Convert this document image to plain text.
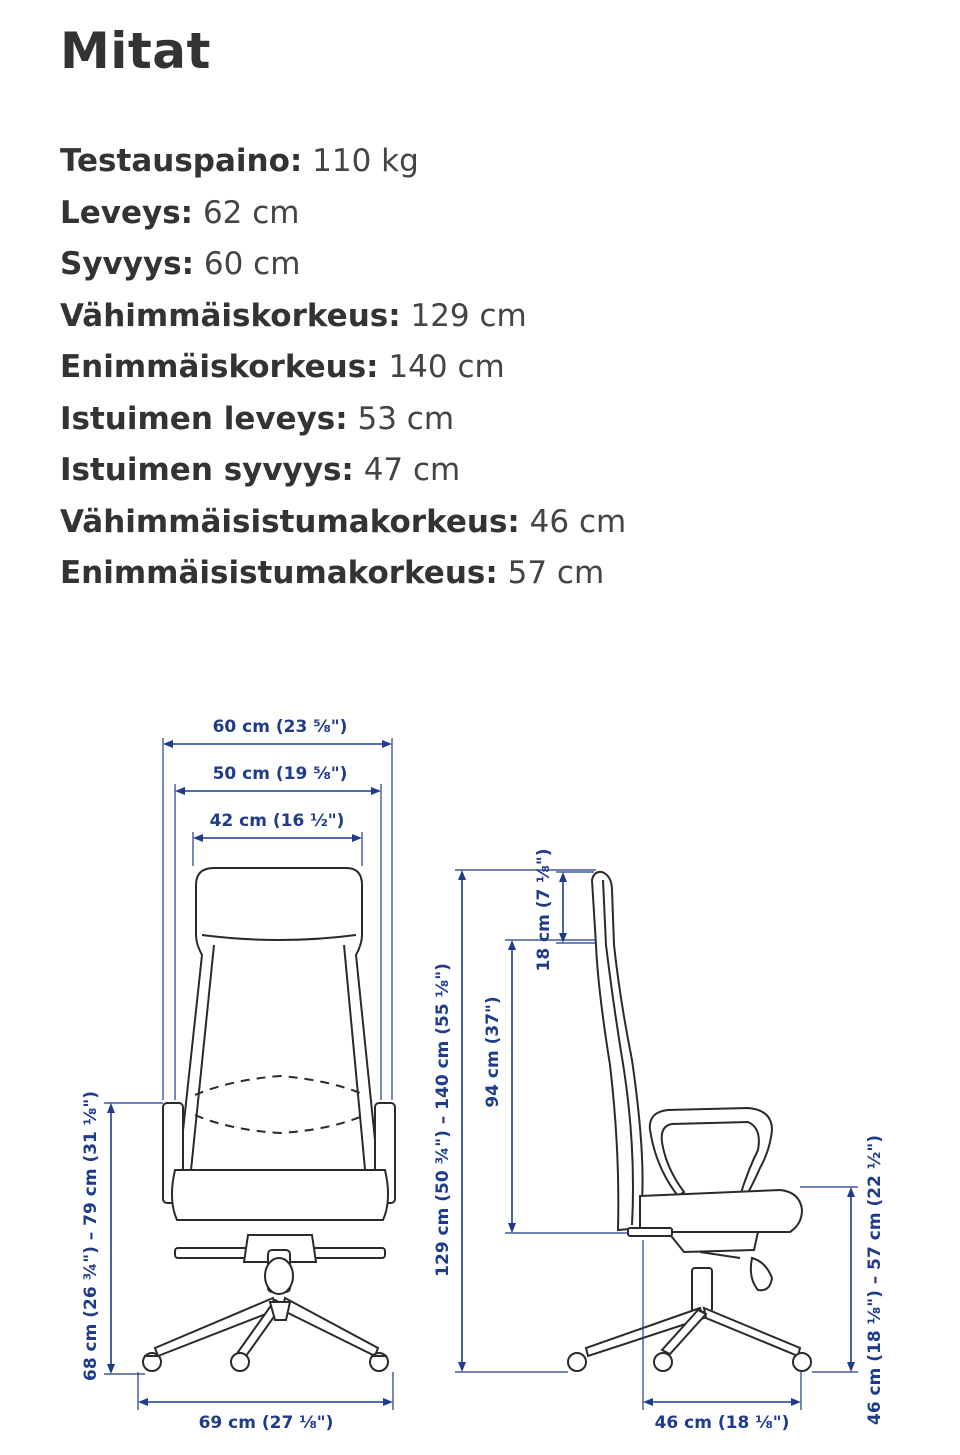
Mitat
Testauspaino: 110 kg
Leveys: 62 cm
Syvyys: 60 cm
Vähimmäiskorkeus: 129 cm
Enimmäiskorkeus: 140 cm
Istuimen leveys: 53 cm
Istuimen syvyys: 47 cm
Vähimmäisistumakorkeus: 46 cm
Enimmäisistumakorkeus: 57 cm
60 cm (23 ⅝")
50 cm (19 ⅝")
42 cm (16 ½")
68 cm (26 ¾") – 79 cm (31 ⅛")
69 cm (27 ⅛")
129 cm (50 ¾") – 140 cm (55 ⅛") 94 cm (37")
18 cm (7 ⅛")
46 cm (18 ⅛") – 57 cm (22 ½")
46 cm (18 ⅛")
